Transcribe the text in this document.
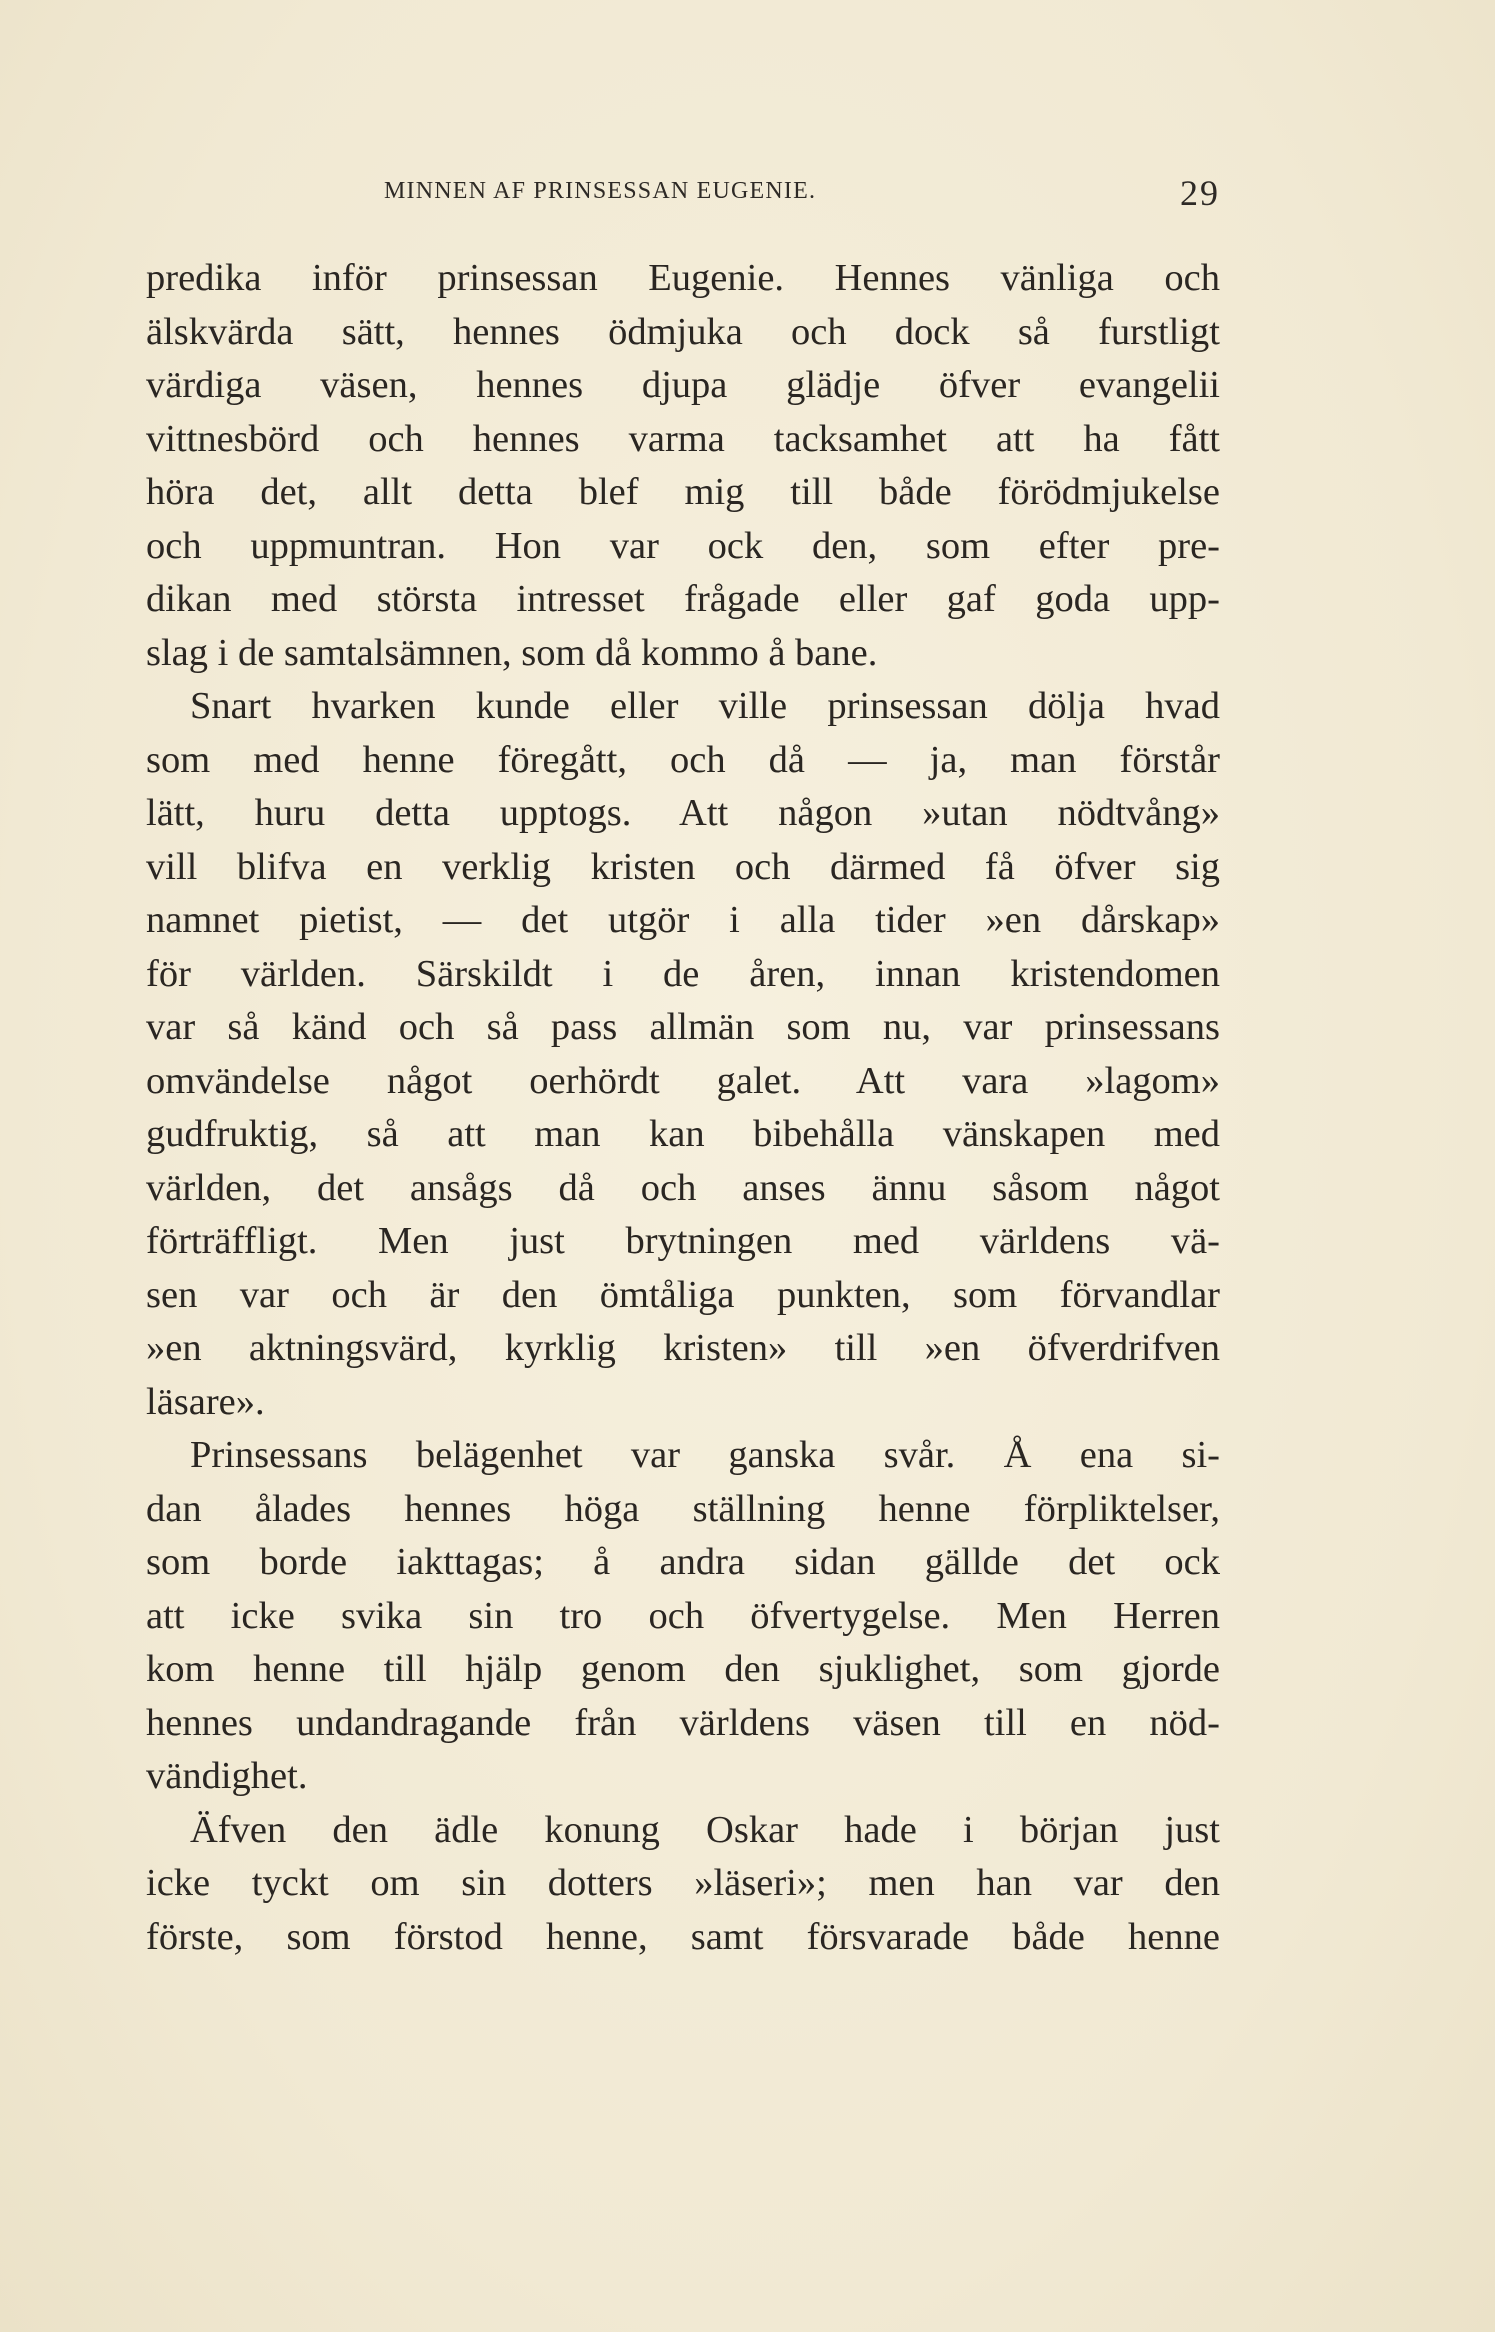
MINNEN AF PRINSESSAN EUGENIE.	29
predika inför prinsessan Eugenie. Hennes vänliga och
älskvärda sätt, hennes ödmjuka och dock så furstligt
värdiga väsen, hennes djupa glädje öfver evangelii
vittnesbörd och hennes varma tacksamhet att ha fått
höra det, allt detta blef mig till både förödmjukelse
och uppmuntran. Hon var ock den, som efter pre-
dikan med största intresset frågade eller gaf goda upp-
slag i de samtalsämnen, som då kommo å bane.
Snart hvarken kunde eller ville prinsessan dölja hvad
som med henne föregått, och då — ja, man förstår
lätt, huru detta upptogs. Att någon »utan nödtvång»
vill blifva en verklig kristen och därmed få öfver sig
namnet pietist, — det utgör i alla tider »en dårskap»
för världen. Särskildt i de åren, innan kristendomen
var så känd och så pass allmän som nu, var prinsessans
omvändelse något oerhördt galet. Att vara »lagom»
gudfruktig, så att man kan bibehålla vänskapen med
världen, det ansågs då och anses ännu såsom något
förträffligt. Men just brytningen med världens vä-
sen var och är den ömtåliga punkten, som förvandlar
»en aktningsvärd, kyrklig kristen» till »en öfverdrifven
läsare».
Prinsessans belägenhet var ganska svår. Å ena si-
dan ålades hennes höga ställning henne förpliktelser,
som borde iakttagas; å andra sidan gällde det ock
att icke svika sin tro och öfvertygelse. Men Herren
kom henne till hjälp genom den sjuklighet, som gjorde
hennes undandragande från världens väsen till en nöd-
vändighet.
Äfven den ädle konung Oskar hade i början just
icke tyckt om sin dotters »läseri»; men han var den
förste, som förstod henne, samt försvarade både henne
